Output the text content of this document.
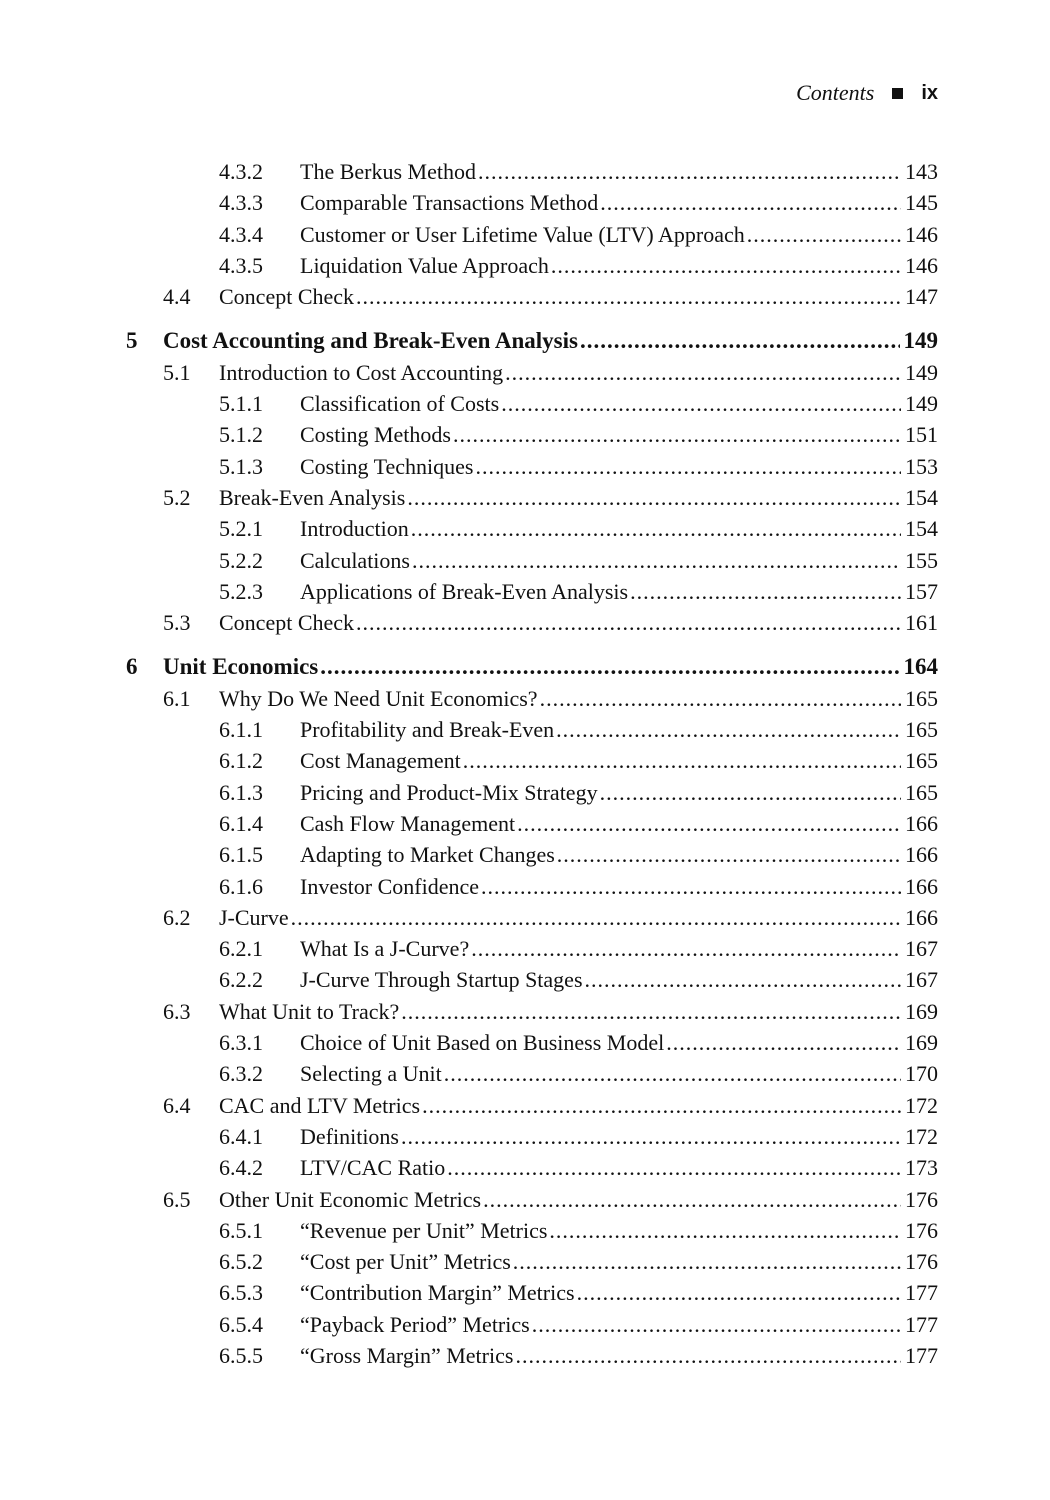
Contents ix
4.3.2 The Berkus Method .....	143
4.3.3 Comparable Transactions Method .....	145
4.3.4 Customer or User Lifetime Value (LTV) Approach .....	146
4.3.5 Liquidation Value Approach .....	146
4.4 Concept Check .....	147
5 Cost Accounting and Break-Even Analysis .....	149
5.1 Introduction to Cost Accounting .....	149
5.1.1 Classification of Costs .....	149
5.1.2 Costing Methods .....	151
5.1.3 Costing Techniques .....	153
5.2 Break-Even Analysis .....	154
5.2.1 Introduction .....	154
5.2.2 Calculations .....	155
5.2.3 Applications of Break-Even Analysis .....	157
5.3 Concept Check .....	161
6 Unit Economics .....	164
6.1 Why Do We Need Unit Economics? .....	165
6.1.1 Profitability and Break-Even .....	165
6.1.2 Cost Management .....	165
6.1.3 Pricing and Product-Mix Strategy .....	165
6.1.4 Cash Flow Management .....	166
6.1.5 Adapting to Market Changes .....	166
6.1.6 Investor Confidence .....	166
6.2 J-Curve .....	166
6.2.1 What Is a J-Curve? .....	167
6.2.2 J-Curve Through Startup Stages .....	167
6.3 What Unit to Track? .....	169
6.3.1 Choice of Unit Based on Business Model .....	169
6.3.2 Selecting a Unit .....	170
6.4 CAC and LTV Metrics .....	172
6.4.1 Definitions .....	172
6.4.2 LTV/CAC Ratio .....	173
6.5 Other Unit Economic Metrics .....	176
6.5.1 “Revenue per Unit” Metrics .....	176
6.5.2 “Cost per Unit” Metrics .....	176
6.5.3 “Contribution Margin” Metrics .....	177
6.5.4 “Payback Period” Metrics .....	177
6.5.5 “Gross Margin” Metrics .....	177
